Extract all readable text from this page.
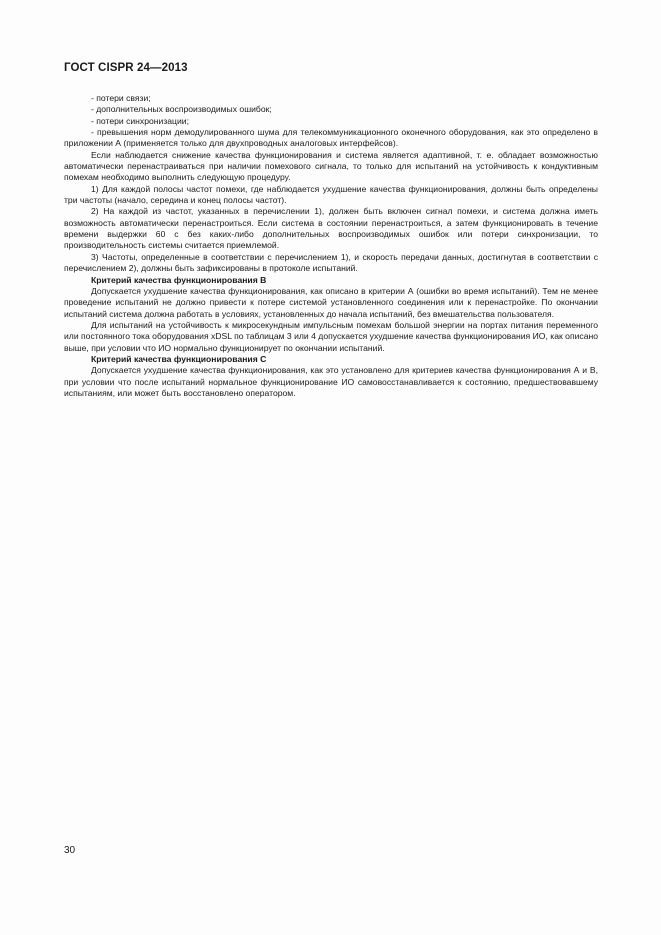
ГОСТ CISPR 24—2013

- потери связи;

- дополнительных воспроизводимых ошибок;

- потери синхронизации;

- превышения норм демодулированного шума для телекоммуникационного оконечного оборудования, как это определено в приложении А (применяется только для двухпроводных аналоговых интерфейсов).

Если наблюдается снижение качества функционирования и система является адаптивной, т. е. обладает возможностью автоматически перенастраиваться при наличии помехового сигнала, то только для испытаний на устойчивость к кондуктивным помехам необходимо выполнить следующую процедуру.

1) Для каждой полосы частот помехи, где наблюдается ухудшение качества функционирования, должны быть определены три частоты (начало, середина и конец полосы частот).

2) На каждой из частот, указанных в перечислении 1), должен быть включен сигнал помехи, и система должна иметь возможность автоматически перенастроиться. Если система в состоянии перенастроиться, а затем функционировать в течение времени выдержки 60 с без каких-либо дополнительных воспроизводимых ошибок или потери синхронизации, то производительность системы считается приемлемой.

3) Частоты, определенные в соответствии с перечислением 1), и скорость передачи данных, достигнутая в соответствии с перечислением 2), должны быть зафиксированы в протоколе испытаний.

Критерий качества функционирования В

Допускается ухудшение качества функционирования, как описано в критерии А (ошибки во время испытаний). Тем не менее проведение испытаний не должно привести к потере системой установленного соединения или к перенастройке. По окончании испытаний система должна работать в условиях, установленных до начала испытаний, без вмешательства пользователя.

Для испытаний на устойчивость к микросекундным импульсным помехам большой энергии на портах питания переменного или постоянного тока оборудования xDSL по таблицам 3 или 4 допускается ухудшение качества функционирования ИО, как описано выше, при условии что ИО нормально функционирует по окончании испытаний.

Критерий качества функционирования С

Допускается ухудшение качества функционирования, как это установлено для критериев качества функционирования А и В, при условии что после испытаний нормальное функционирование ИО самовосстанавливается к состоянию, предшествовавшему испытаниям, или может быть восстановлено оператором.

30
